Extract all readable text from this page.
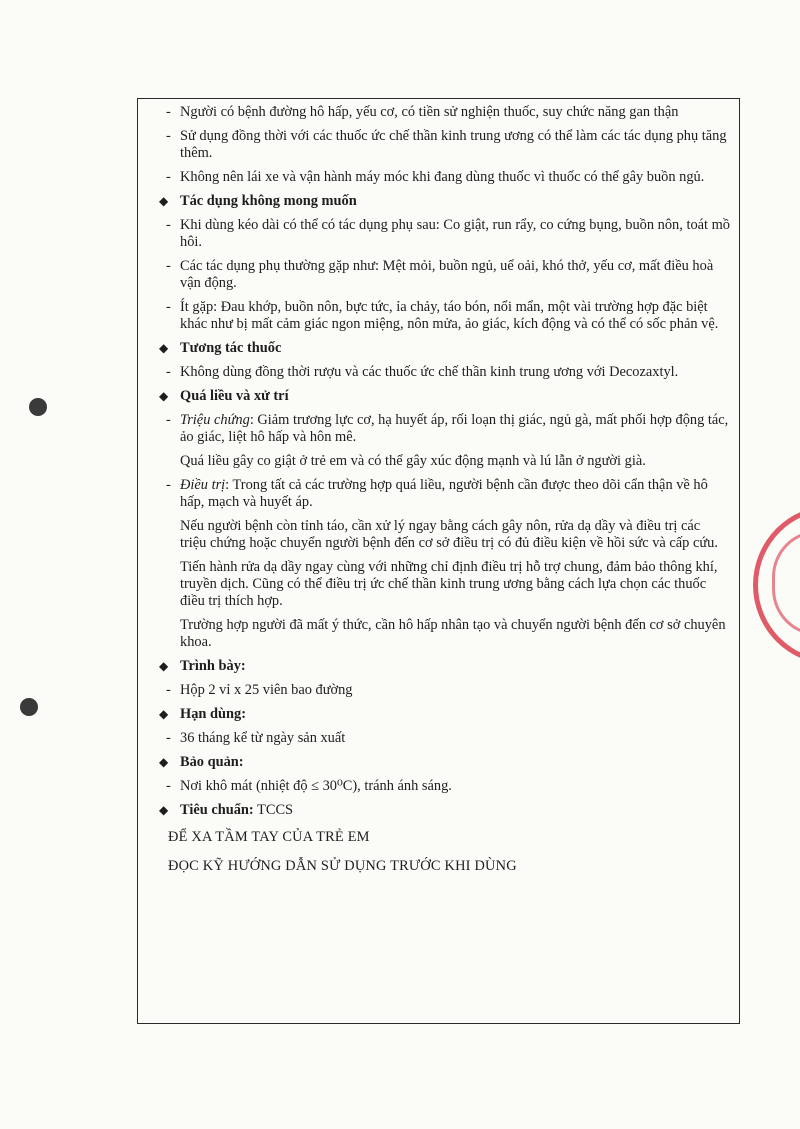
- Người có bệnh đường hô hấp, yếu cơ, có tiền sử nghiện thuốc, suy chức năng gan thận
- Sử dụng đồng thời với các thuốc ức chế thần kinh trung ương có thể làm các tác dụng phụ tăng thêm.
- Không nên lái xe và vận hành máy móc khi đang dùng thuốc vì thuốc có thể gây buồn ngủ.
◆ Tác dụng không mong muốn
- Khi dùng kéo dài có thể có tác dụng phụ sau: Co giật, run rẩy, co cứng bụng, buồn nôn, toát mồ hôi.
- Các tác dụng phụ thường gặp như: Mệt mỏi, buồn ngủ, uể oải, khó thở, yếu cơ, mất điều hoà vận động.
- Ít gặp: Đau khớp, buồn nôn, bực tức, ỉa chảy, táo bón, nổi mẩn, một vài trường hợp đặc biệt khác như bị mất cảm giác ngon miệng, nôn mửa, ảo giác, kích động và có thể có sốc phản vệ.
◆ Tương tác thuốc
- Không dùng đồng thời rượu và các thuốc ức chế thần kinh trung ương với Decozaxtyl.
◆ Quá liều và xử trí
- Triệu chứng: Giảm trương lực cơ, hạ huyết áp, rối loạn thị giác, ngủ gà, mất phối hợp động tác, ảo giác, liệt hô hấp và hôn mê.
Quá liều gây co giật ở trẻ em và có thể gây xúc động mạnh và lú lẫn ở người già.
- Điều trị: Trong tất cả các trường hợp quá liều, người bệnh cần được theo dõi cẩn thận về hô hấp, mạch và huyết áp.
Nếu người bệnh còn tỉnh táo, cần xử lý ngay bằng cách gây nôn, rửa dạ dầy và điều trị các triệu chứng hoặc chuyển người bệnh đến cơ sở điều trị có đủ điều kiện về hồi sức và cấp cứu.
Tiến hành rửa dạ dầy ngay cùng với những chỉ định điều trị hỗ trợ chung, đảm bảo thông khí, truyền dịch. Cũng có thể điều trị ức chế thần kinh trung ương bằng cách lựa chọn các thuốc điều trị thích hợp.
Trường hợp người đã mất ý thức, cần hô hấp nhân tạo và chuyển người bệnh đến cơ sở chuyên khoa.
◆ Trình bày:
- Hộp 2 vỉ x 25 viên bao đường
◆ Hạn dùng:
- 36 tháng kể từ ngày sản xuất
◆ Bảo quản:
- Nơi khô mát (nhiệt độ ≤ 30⁰C), tránh ánh sáng.
◆ Tiêu chuẩn: TCCS
ĐỂ XA TẦM TAY CỦA TRẺ EM
ĐỌC KỸ HƯỚNG DẪN SỬ DỤNG TRƯỚC KHI DÙNG
